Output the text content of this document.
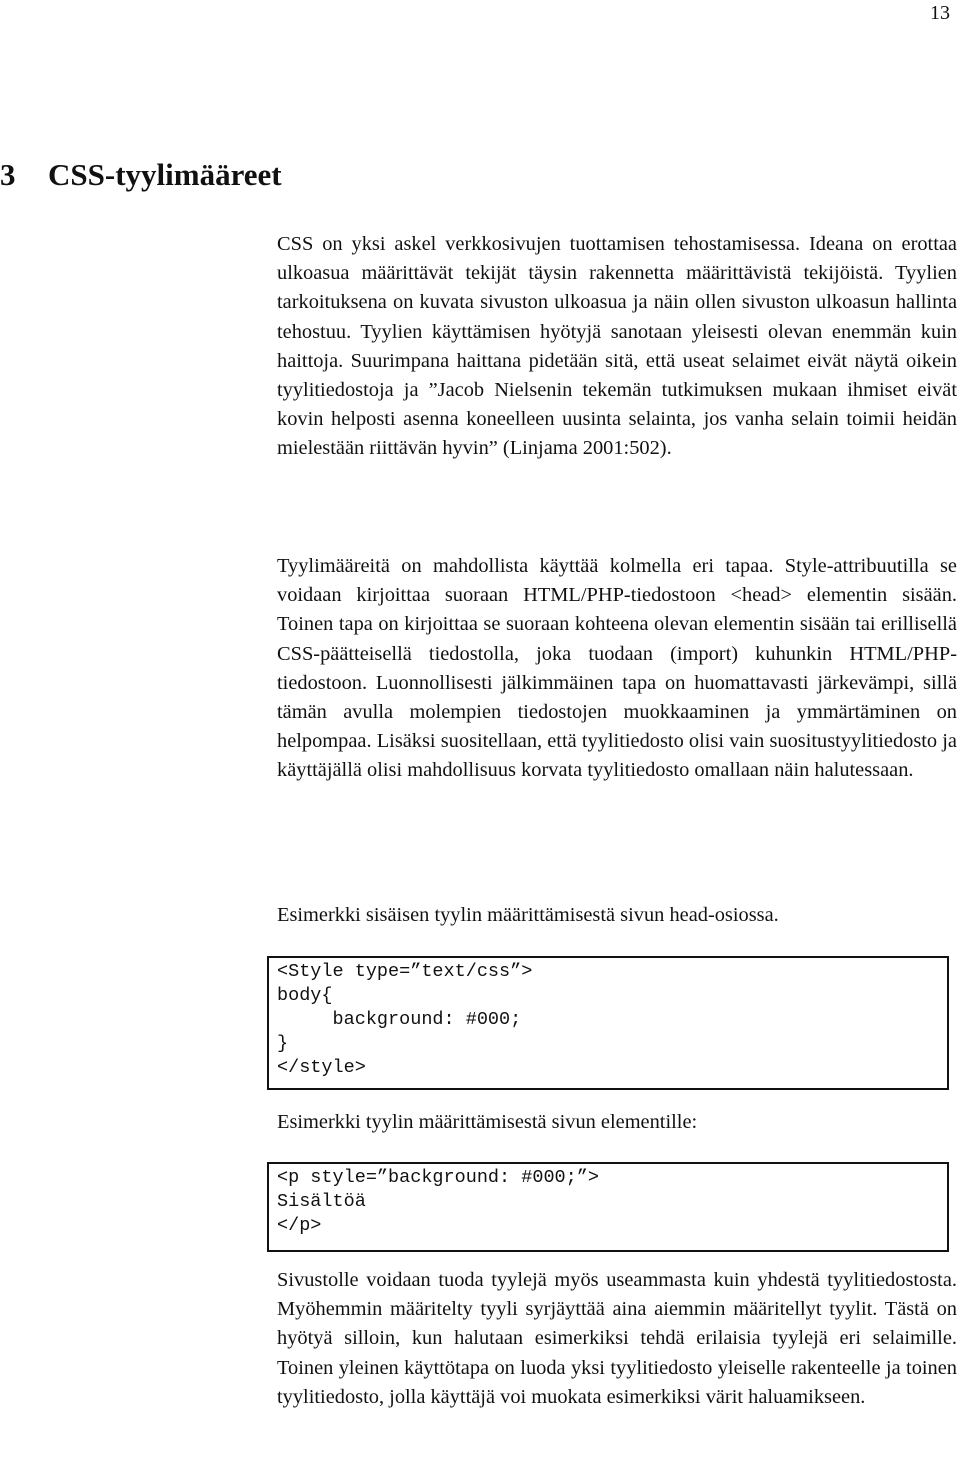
13
3 CSS-tyylimääreet

CSS on yksi askel verkkosivujen tuottamisen tehostamisessa. Ideana on erottaa ulkoasua määrittävät tekijät täysin rakennetta määrittävistä tekijöistä. Tyylien tarkoituksena on kuvata sivuston ulkoasua ja näin ollen sivuston ulkoasun hallinta tehostuu. Tyylien käyttämisen hyötyjä sanotaan yleisesti olevan enemmän kuin haittoja. Suurimpana haittana pidetään sitä, että useat selaimet eivät näytä oikein tyylitiedostoja ja ”Jacob Nielsenin tekemän tutkimuksen mukaan ihmiset eivät kovin helposti asenna koneelleen uusinta selainta, jos vanha selain toimii heidän mielestään riittävän hyvin” (Linjama 2001:502).

Tyylimääreitä on mahdollista käyttää kolmella eri tapaa. Style-attribuutilla se voidaan kirjoittaa suoraan HTML/PHP-tiedostoon <head> elementin sisään. Toinen tapa on kirjoittaa se suoraan kohteena olevan elementin sisään tai erillisellä CSS-päätteisellä tiedostolla, joka tuodaan (import) kuhunkin HTML/PHP-tiedostoon. Luonnollisesti jälkimmäinen tapa on huomattavasti järkevämpi, sillä tämän avulla molempien tiedostojen muokkaaminen ja ymmärtäminen on helpompaa. Lisäksi suositellaan, että tyylitiedosto olisi vain suositustyylitiedosto ja käyttäjällä olisi mahdollisuus korvata tyylitiedosto omallaan näin halutessaan.

Esimerkki sisäisen tyylin määrittämisestä sivun head-osiossa.

<Style type=”text/css”>
body{
background: #000;
}
</style>

Esimerkki tyylin määrittämisestä sivun elementille:

<p style=”background: #000;”>
Sisältöä
</p>

Sivustolle voidaan tuoda tyylejä myös useammasta kuin yhdestä tyylitiedostosta. Myöhemmin määritelty tyyli syrjäyttää aina aiemmin määritellyt tyylit. Tästä on hyötyä silloin, kun halutaan esimerkiksi tehdä erilaisia tyylejä eri selaimille. Toinen yleinen käyttötapa on luoda yksi tyylitiedosto yleiselle rakenteelle ja toinen tyylitiedosto, jolla käyttäjä voi muokata esimerkiksi värit haluamikseen.
